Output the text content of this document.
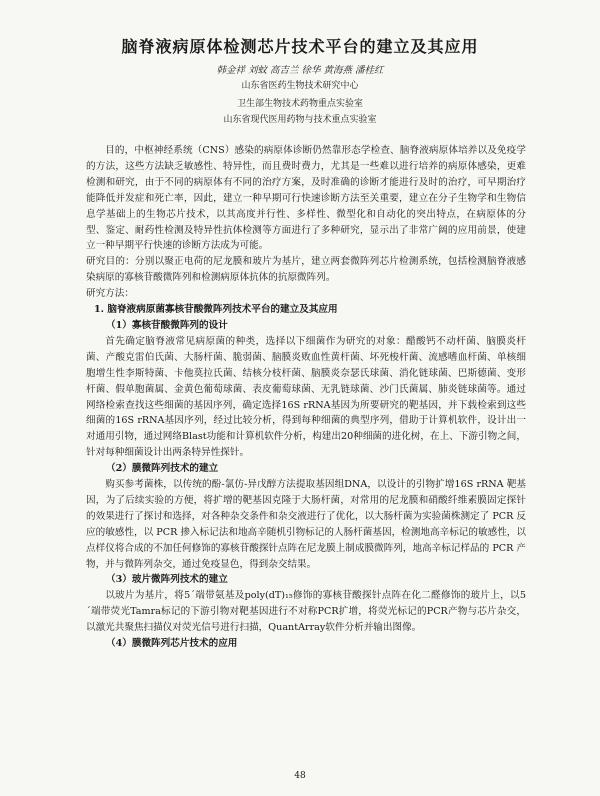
脑脊液病原体检测芯片技术平台的建立及其应用
韩金祥 刘蚊 高吉兰 徐华 黄海燕 潘桂红
山东省医药生物技术研究中心
卫生部生物技术药物重点实验室
山东省现代医用药物与技术重点实验室

目的，中枢神经系统（CNS）感染的病原体诊断仍然靠形态学检查、脑脊液病原体培养以及免疫学的方法，这些方法缺乏敏感性、特异性，而且费时费力，尤其是一些难以进行培养的病原体感染，更难检测和研究，由于不同的病原体有不同的治疗方案，及时准确的诊断才能进行及时的治疗，可早期治疗能降低并发症和死亡率，因此，建立一种早期可行快速诊断方法至关重要，建立在分子生物学和生物信息学基础上的生物芯片技术，以其高度并行性、多样性、微型化和自动化的突出特点，在病原体的分型、鉴定、耐药性检测及特异性抗体检测等方面进行了多种研究，显示出了非常广阔的应用前景，使建立一种早期平行快速的诊断方法成为可能。

研究目的：分别以聚正电荷的尼龙膜和玻片为基片，建立两套微阵列芯片检测系统，包括检测脑脊液感染病原的寡核苷酸微阵列和检测病原体抗体的抗原微阵列。

研究方法：

1. 脑脊液病原菌寡核苷酸微阵列技术平台的建立及其应用

（1）寡核苷酸微阵列的设计

首先确定脑脊液常见病原菌的种类，选择以下细菌作为研究的对象：醋酸钙不动杆菌、脑膜炎杆菌、产酸克雷伯氏菌、大肠杆菌、脆弱菌、脑膜炎败血性黄杆菌、坏死梭杆菌、流感嗜血杆菌、单核细胞增生性李斯特菌、卡他莫拉氏菌、结核分枝杆菌、脑膜炎奈瑟氏球菌、消化链球菌、巴斯德菌、变形杆菌、假单胞菌属、金黄色葡萄球菌、表皮葡萄球菌、无乳链球菌、沙门氏菌属、肺炎链球菌等。通过网络检索查找这些细菌的基因序列，确定选择16S rRNA基因为所要研究的靶基因，并下载检索到这些细菌的16S rRNA基因序列，经过比较分析，得到每种细菌的典型序列，借助于计算机软件，设计出一对通用引物，通过网络Blast功能和计算机软件分析，构建出20种细菌的进化树，在上、下游引物之间，针对每种细菌设计出两条特异性探针。

（2）膜微阵列技术的建立

购买参考菌株，以传统的酚-氯仿-异戊醇方法提取基因组DNA，以设计的引物扩增16S rRNA 靶基因，为了后续实验的方便，将扩增的靶基因克隆于大肠杆菌，对常用的尼龙膜和硝酸纤维素膜固定探针的效果进行了探讨和选择，对各种杂交条件和杂交液进行了优化，以大肠杆菌为实验菌株测定了 PCR 反应的敏感性，以 PCR 掺入标记法和地高辛随机引物标记的人肠杆菌基因，检测地高辛标记的敏感性，以点样仪将合成的不加任何修饰的寡核苷酸探针点阵在尼龙膜上制成膜微阵列，地高辛标记样品的 PCR 产物，并与微阵列杂交，通过免疫显色，得到杂交结果。

（3）玻片微阵列技术的建立

以玻片为基片，将5´端带氨基及poly(dT)₁₅修饰的寡核苷酸探针点阵在化二醛修饰的玻片上，以5´端带荧光Tamra标记的下游引物对靶基因进行不对称PCR扩增，将荧光标记的PCR产物与芯片杂交，以激光共聚焦扫描仪对荧光信号进行扫描，QuantArray软件分析并输出图像。

（4）膜微阵列芯片技术的应用

48
